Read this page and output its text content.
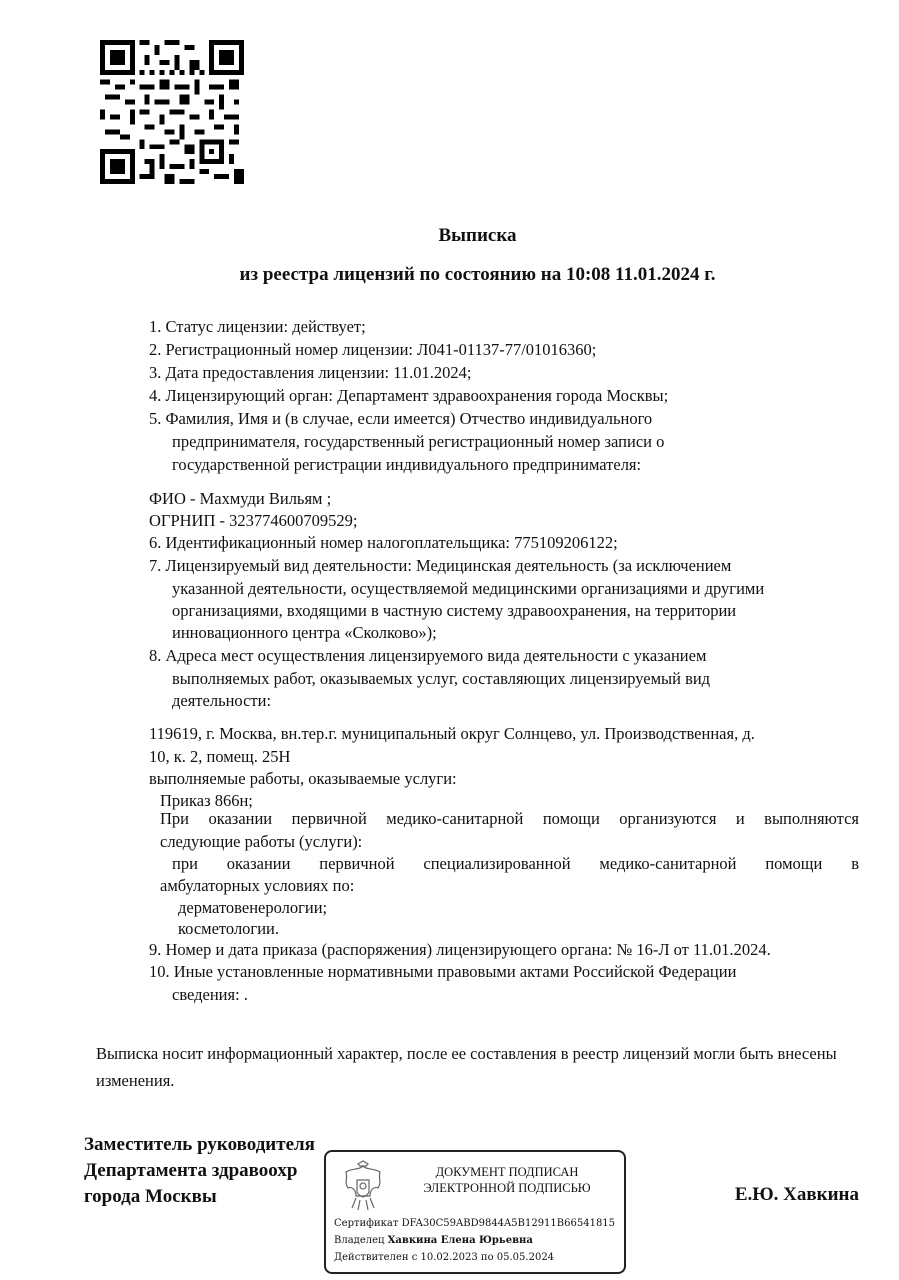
Выписка
из реестра лицензий по состоянию на 10:08 11.01.2024 г.
1. Статус лицензии: действует;
2. Регистрационный номер лицензии: Л041-01137-77/01016360;
3. Дата предоставления лицензии: 11.01.2024;
4. Лицензирующий орган: Департамент здравоохранения города Москвы;
5. Фамилия, Имя и (в случае, если имеется) Отчество индивидуального
предпринимателя, государственный регистрационный номер записи о
государственной регистрации индивидуального предпринимателя:
ФИО - Махмуди Вильям ;
ОГРНИП - 323774600709529;
6. Идентификационный номер налогоплательщика: 775109206122;
7. Лицензируемый вид деятельности: Медицинская деятельность (за исключением
указанной деятельности, осуществляемой медицинскими организациями и другими
организациями, входящими в частную систему здравоохранения, на территории
инновационного центра «Сколково»);
8. Адреса мест осуществления лицензируемого вида деятельности с указанием
выполняемых работ, оказываемых услуг, составляющих лицензируемый вид
деятельности:
119619, г. Москва, вн.тер.г. муниципальный округ Солнцево, ул. Производственная, д.
10, к. 2, помещ. 25Н
выполняемые работы, оказываемые услуги:
Приказ 866н;
При оказании первичной медико-санитарной помощи организуются и выполняются
следующие работы (услуги):
при оказании первичной специализированной медико-санитарной помощи в
амбулаторных условиях по:
дерматовенерологии;
косметологии.
9. Номер и дата приказа (распоряжения) лицензирующего органа: № 16-Л от 11.01.2024.
10. Иные установленные нормативными правовыми актами Российской Федерации
сведения: .
Выписка носит информационный характер, после ее составления в реестр лицензий могли быть внесены изменения.
Заместитель руководителя
Департамента здравоохр
города Москвы	Е.Ю. Хавкина
ДОКУМЕНТ ПОДПИСАН
ЭЛЕКТРОННОЙ ПОДПИСЬЮ
Сертификат DFA30C59ABD9844A5B12911B66541815
Владелец Хавкина Елена Юрьевна
Действителен с 10.02.2023 по 05.05.2024
